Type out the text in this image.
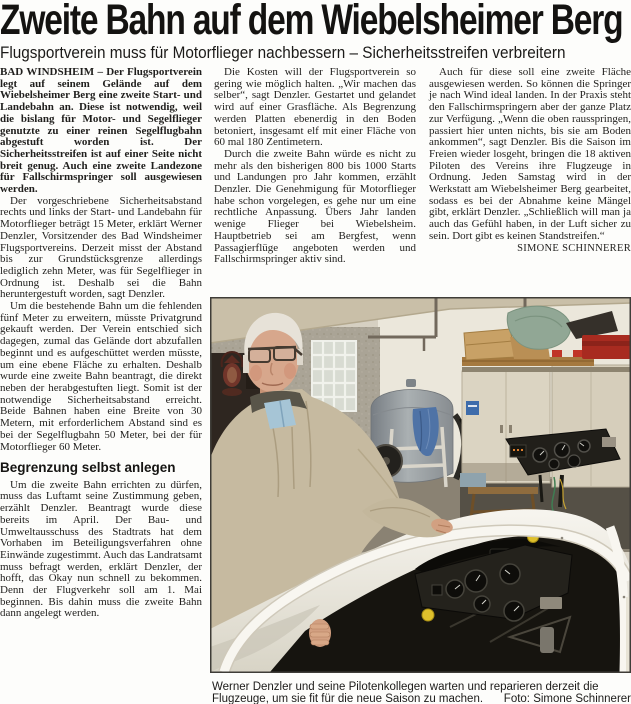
Zweite Bahn auf dem Wiebelsheimer Berg
Flugsportverein muss für Motorflieger nachbessern – Sicherheitsstreifen verbreitern

BAD WINDSHEIM – Der Flugsportverein legt auf seinem Gelände auf dem Wiebelsheimer Berg eine zweite Start- und Landebahn an. Diese ist notwendig, weil die bislang für Motor- und Segelflieger genutzte zu einer reinen Segelflugbahn abgestuft worden ist. Der Sicherheitsstreifen ist auf einer Seite nicht breit genug. Auch eine zweite Landezone für Fallschirmspringer soll ausgewiesen werden.

Der vorgeschriebene Sicherheitsabstand rechts und links der Start- und Landebahn für Motorflieger beträgt 15 Meter, erklärt Werner Denzler, Vorsitzender des Bad Windsheimer Flugsportvereins. Derzeit misst der Abstand bis zur Grundstücksgrenze allerdings lediglich zehn Meter, was für Segelflieger in Ordnung ist. Deshalb sei die Bahn heruntergestuft worden, sagt Denzler.

Um die bestehende Bahn um die fehlenden fünf Meter zu erweitern, müsste Privatgrund gekauft werden. Der Verein entschied sich dagegen, zumal das Gelände dort abzufallen beginnt und es aufgeschüttet werden müsste, um eine ebene Fläche zu erhalten. Deshalb wurde eine zweite Bahn beantragt, die direkt neben der herabgestuften liegt. Somit ist der notwendige Sicherheitsabstand erreicht. Beide Bahnen haben eine Breite von 30 Metern, mit erforderlichem Abstand sind es bei der Segelflugbahn 50 Meter, bei der für Motorflieger 60 Meter.

Begrenzung selbst anlegen

Um die zweite Bahn errichten zu dürfen, muss das Luftamt seine Zustimmung geben, erzählt Denzler. Beantragt wurde diese bereits im April. Der Bau- und Umweltausschuss des Stadtrats hat dem Vorhaben im Beteiligungsverfahren ohne Einwände zugestimmt. Auch das Landratsamt muss befragt werden, erklärt Denzler, der hofft, das Okay nun schnell zu bekommen. Denn der Flugverkehr soll am 1. Mai beginnen. Bis dahin muss die zweite Bahn dann angelegt werden.

Die Kosten will der Flugsportverein so gering wie möglich halten. „Wir machen das selber“, sagt Denzler. Gestartet und gelandet wird auf einer Grasfläche. Als Begrenzung werden Platten ebenerdig in den Boden betoniert, insgesamt elf mit einer Fläche von 60 mal 180 Zentimetern.

Durch die zweite Bahn würde es nicht zu mehr als den bisherigen 800 bis 1000 Starts und Landungen pro Jahr kommen, erzählt Denzler. Die Genehmigung für Motorflieger habe schon vorgelegen, es gehe nur um eine rechtliche Anpassung. Übers Jahr landen wenige Flieger bei Wiebelsheim. Hauptbetrieb sei am Bergfest, wenn Passagierflüge angeboten werden und Fallschirmspringer aktiv sind.

Auch für diese soll eine zweite Fläche ausgewiesen werden. So können die Springer je nach Wind ideal landen. In der Praxis steht den Fallschirmspringern aber der ganze Platz zur Verfügung. „Wenn die oben rausspringen, passiert hier unten nichts, bis sie am Boden ankommen“, sagt Denzler. Bis die Saison im Freien wieder losgeht, bringen die 18 aktiven Piloten des Vereins ihre Flugzeuge in Ordnung. Jeden Samstag wird in der Werkstatt am Wiebelsheimer Berg gearbeitet, sodass es bei der Abnahme keine Mängel gibt, erklärt Denzler. „Schließlich will man ja auch das Gefühl haben, in der Luft sicher zu sein. Dort gibt es keinen Standstreifen.“
SIMONE SCHINNERER

Werner Denzler und seine Pilotenkollegen warten und reparieren derzeit die Flugzeuge, um sie fit für die neue Saison zu machen. Foto: Simone Schinnerer
